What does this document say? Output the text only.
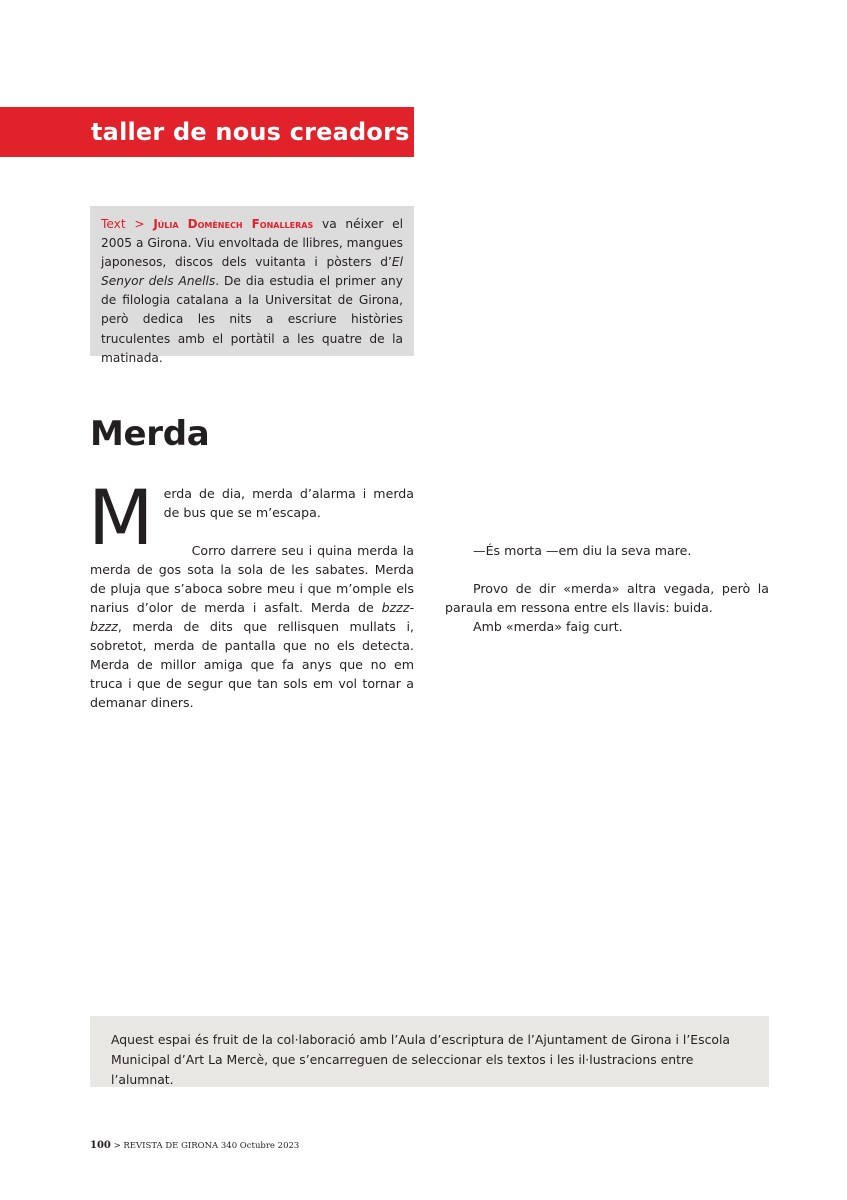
taller de nous creadors
Text > Júlia Domènech Fonalleras va néixer el 2005 a Girona. Viu envoltada de llibres, mangues japonesos, discos dels vuitanta i pòsters d’El Senyor dels Anells. De dia estudia el primer any de filologia catalana a la Universitat de Girona, però dedica les nits a escriure històries truculentes amb el portàtil a les quatre de la matinada.
Merda

Merda de dia, merda d’alarma i merda de bus que se m’escapa.

Corro darrere seu i quina merda la merda de gos sota la sola de les sabates. Merda de pluja que s’aboca sobre meu i que m’omple els narius d’olor de merda i asfalt. Merda de bzzz-bzzz, merda de dits que rellisquen mullats i, sobretot, merda de pantalla que no els detecta. Merda de millor amiga que fa anys que no em truca i que de segur que tan sols em vol tornar a demanar diners.

—És morta —em diu la seva mare.

Provo de dir «merda» altra vegada, però la paraula em ressona entre els llavis: buida.

Amb «merda» faig curt.

Aquest espai és fruit de la col·laboració amb l’Aula d’escriptura de l’Ajuntament de Girona i l’Escola Municipal d’Art La Mercè, que s’encarreguen de seleccionar els textos i les il·lustracions entre l’alumnat.
100 > REVISTA DE GIRONA 340 Octubre 2023
